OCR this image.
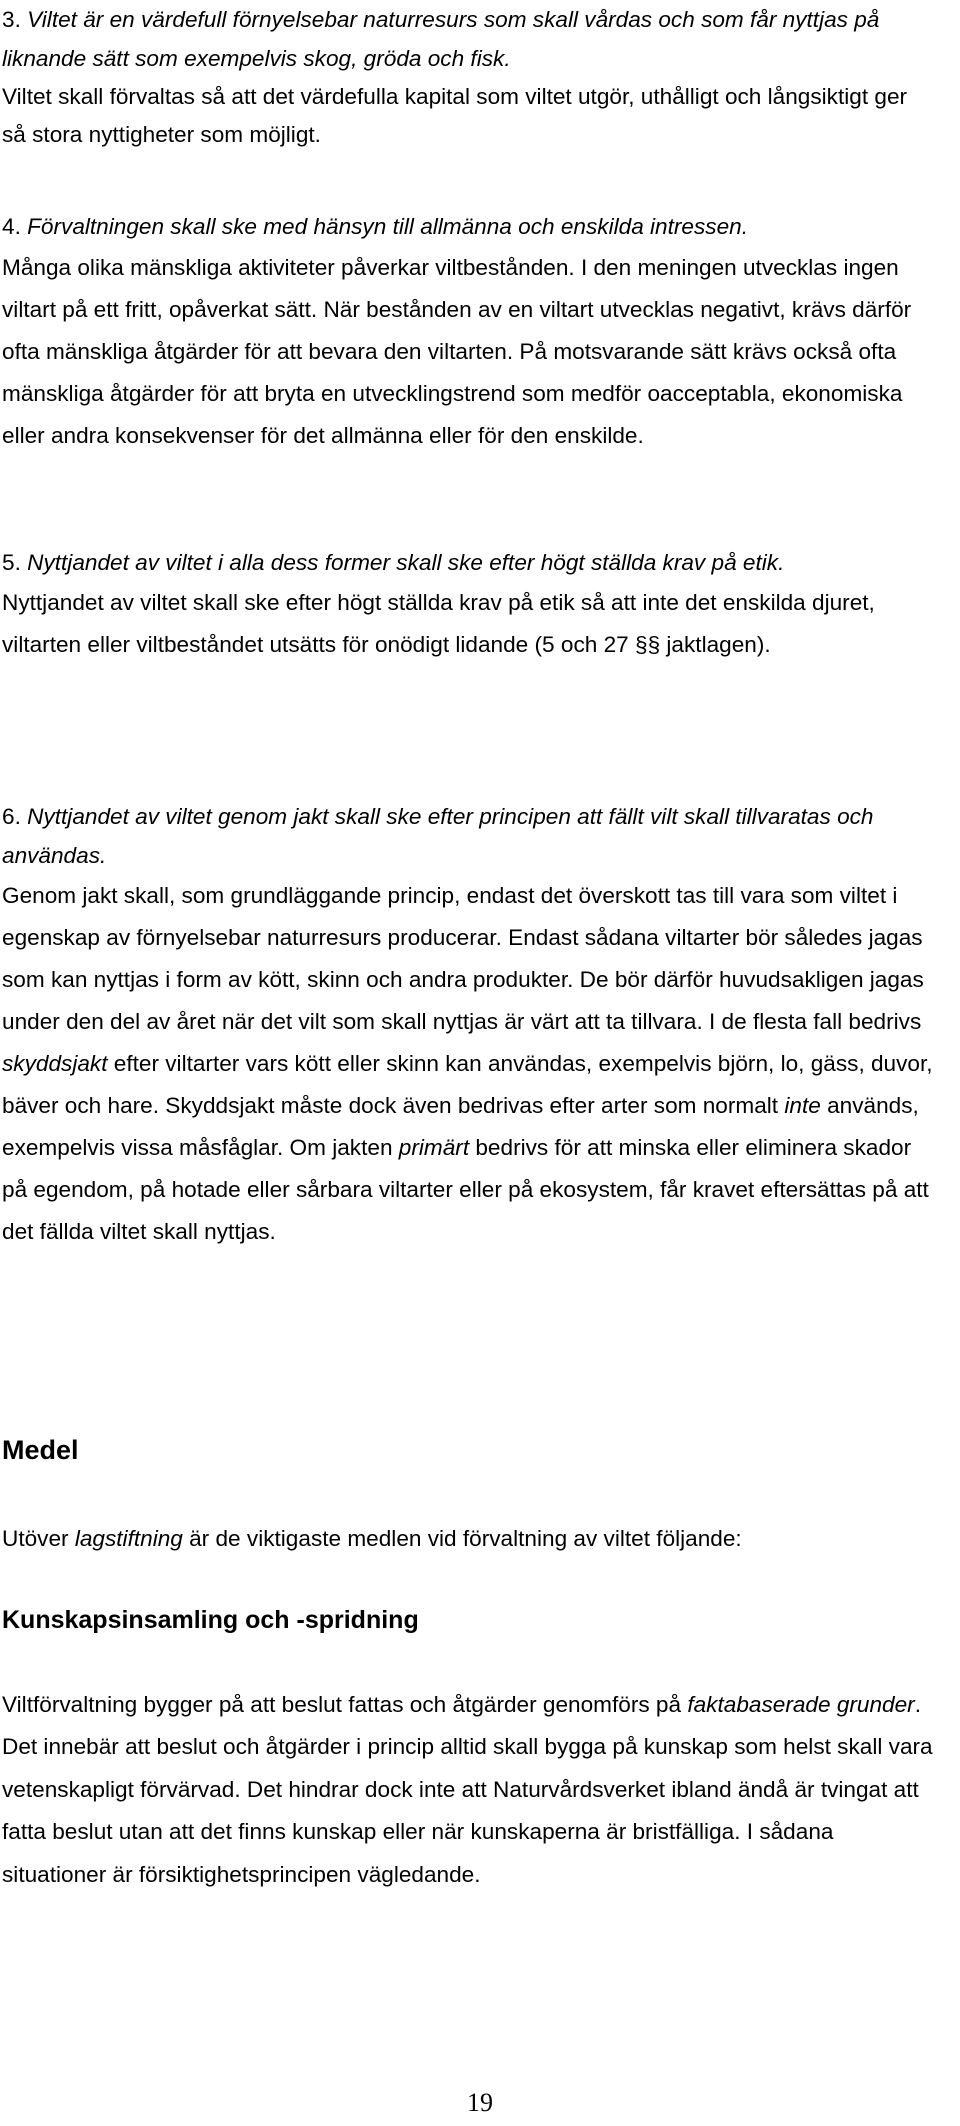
3. Viltet är en värdefull förnyelsebar naturresurs som skall vårdas och som får nyttjas på liknande sätt som exempelvis skog, gröda och fisk.

Viltet skall förvaltas så att det värdefulla kapital som viltet utgör, uthålligt och långsiktigt ger så stora nyttigheter som möjligt.

4. Förvaltningen skall ske med hänsyn till allmänna och enskilda intressen.

Många olika mänskliga aktiviteter påverkar viltbestånden. I den meningen utvecklas ingen viltart på ett fritt, opåverkat sätt. När bestånden av en viltart utvecklas negativt, krävs därför ofta mänskliga åtgärder för att bevara den viltarten. På motsvarande sätt krävs också ofta mänskliga åtgärder för att bryta en utvecklingstrend som medför oacceptabla, ekonomiska eller andra konsekvenser för det allmänna eller för den enskilde.

5. Nyttjandet av viltet i alla dess former skall ske efter högt ställda krav på etik.

Nyttjandet av viltet skall ske efter högt ställda krav på etik så att inte det enskilda djuret, viltarten eller viltbeståndet utsätts för onödigt lidande (5 och 27 §§ jaktlagen).

6. Nyttjandet av viltet genom jakt skall ske efter principen att fällt vilt skall tillvaratas och användas.

Genom jakt skall, som grundläggande princip, endast det överskott tas till vara som viltet i egenskap av förnyelsebar naturresurs producerar. Endast sådana viltarter bör således jagas som kan nyttjas i form av kött, skinn och andra produkter. De bör därför huvudsakligen jagas under den del av året när det vilt som skall nyttjas är värt att ta tillvara. I de flesta fall bedrivs skyddsjakt efter viltarter vars kött eller skinn kan användas, exempelvis björn, lo, gäss, duvor, bäver och hare. Skyddsjakt måste dock även bedrivas efter arter som normalt inte används, exempelvis vissa måsfåglar. Om jakten primärt bedrivs för att minska eller eliminera skador på egendom, på hotade eller sårbara viltarter eller på ekosystem, får kravet eftersättas på att det fällda viltet skall nyttjas.

Medel

Utöver lagstiftning är de viktigaste medlen vid förvaltning av viltet följande:

Kunskapsinsamling och -spridning

Viltförvaltning bygger på att beslut fattas och åtgärder genomförs på faktabaserade grunder. Det innebär att beslut och åtgärder i princip alltid skall bygga på kunskap som helst skall vara vetenskapligt förvärvad. Det hindrar dock inte att Naturvårdsverket ibland ändå är tvingat att fatta beslut utan att det finns kunskap eller när kunskaperna är bristfälliga. I sådana situationer är försiktighetsprincipen vägledande.

19
